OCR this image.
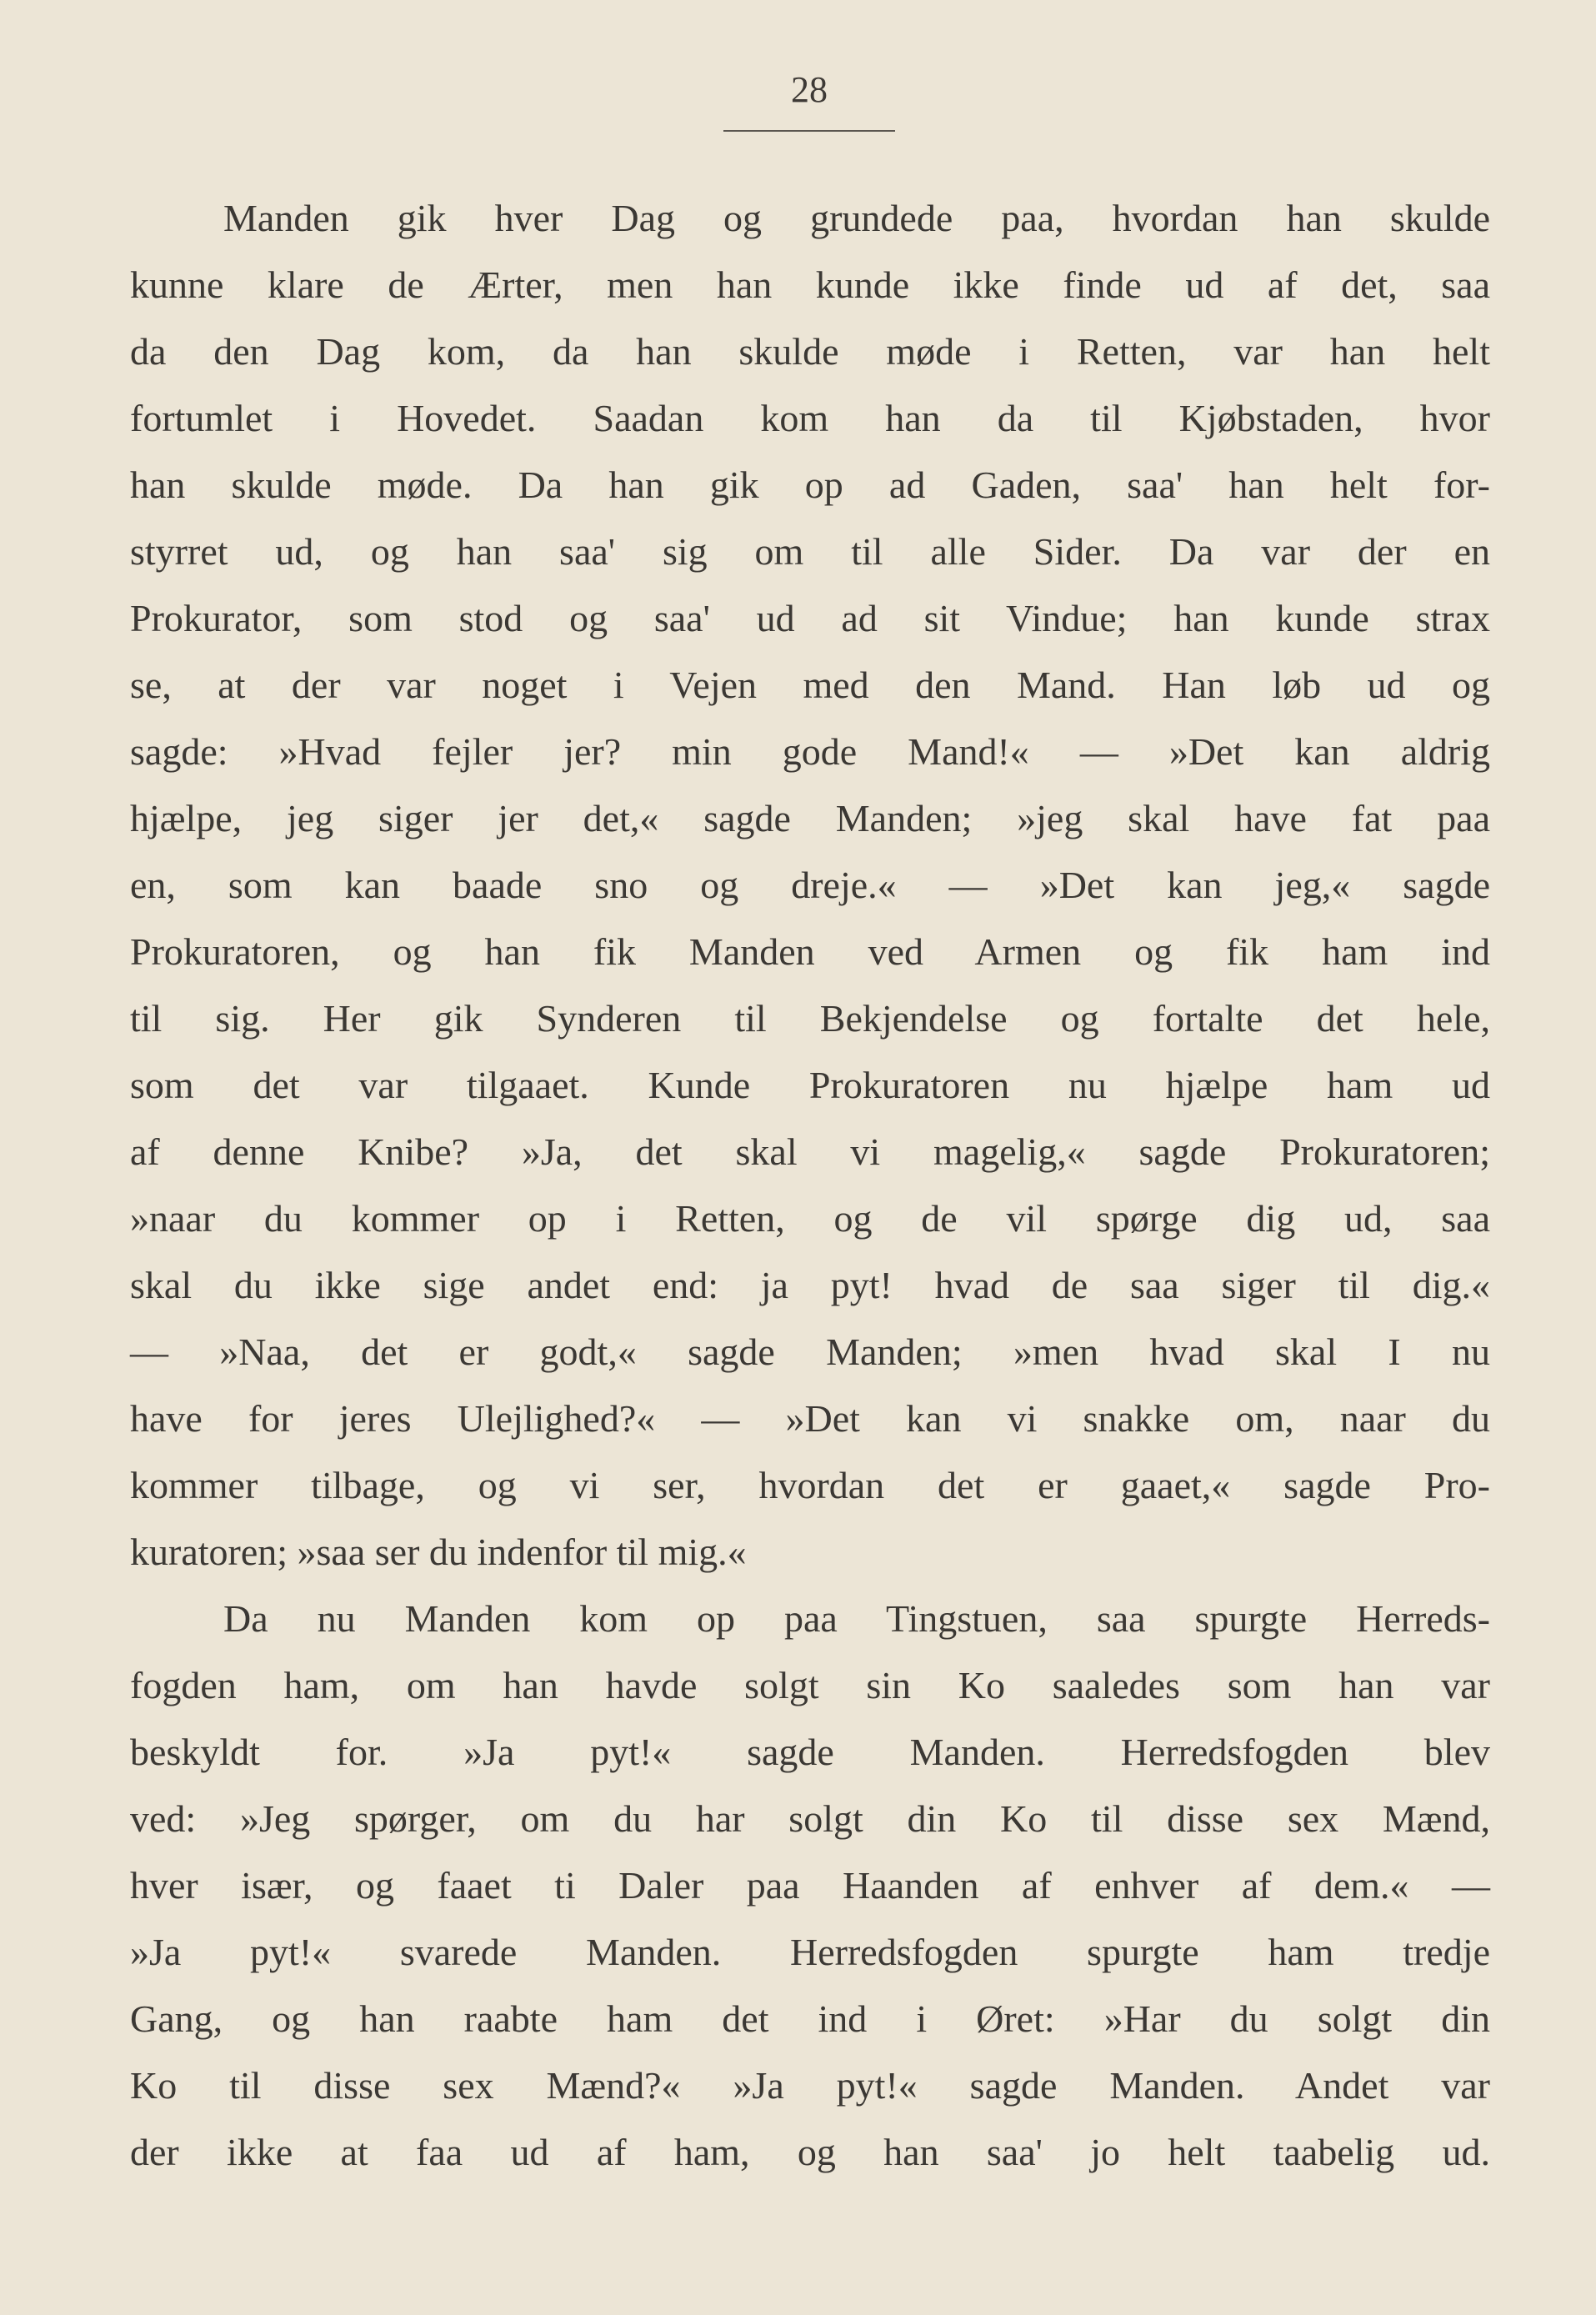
28
Manden gik hver Dag og grundede paa, hvordan han skulde
kunne klare de Ærter, men han kunde ikke finde ud af det, saa
da den Dag kom, da han skulde møde i Retten, var han helt
fortumlet i Hovedet. Saadan kom han da til Kjøbstaden, hvor
han skulde møde. Da han gik op ad Gaden, saa' han helt for-
styrret ud, og han saa' sig om til alle Sider. Da var der en
Prokurator, som stod og saa' ud ad sit Vindue; han kunde strax
se, at der var noget i Vejen med den Mand. Han løb ud og
sagde: »Hvad fejler jer? min gode Mand!« — »Det kan aldrig
hjælpe, jeg siger jer det,« sagde Manden; »jeg skal have fat paa
en, som kan baade sno og dreje.« — »Det kan jeg,« sagde
Prokuratoren, og han fik Manden ved Armen og fik ham ind
til sig. Her gik Synderen til Bekjendelse og fortalte det hele,
som det var tilgaaet. Kunde Prokuratoren nu hjælpe ham ud
af denne Knibe? »Ja, det skal vi magelig,« sagde Prokuratoren;
»naar du kommer op i Retten, og de vil spørge dig ud, saa
skal du ikke sige andet end: ja pyt! hvad de saa siger til dig.«
— »Naa, det er godt,« sagde Manden; »men hvad skal I nu
have for jeres Ulejlighed?« — »Det kan vi snakke om, naar du
kommer tilbage, og vi ser, hvordan det er gaaet,« sagde Pro-
kuratoren; »saa ser du indenfor til mig.«
Da nu Manden kom op paa Tingstuen, saa spurgte Herreds-
fogden ham, om han havde solgt sin Ko saaledes som han var
beskyldt for. »Ja pyt!« sagde Manden. Herredsfogden blev
ved: »Jeg spørger, om du har solgt din Ko til disse sex Mænd,
hver især, og faaet ti Daler paa Haanden af enhver af dem.« —
»Ja pyt!« svarede Manden. Herredsfogden spurgte ham tredje
Gang, og han raabte ham det ind i Øret: »Har du solgt din
Ko til disse sex Mænd?« »Ja pyt!« sagde Manden. Andet var
der ikke at faa ud af ham, og han saa' jo helt taabelig ud.
